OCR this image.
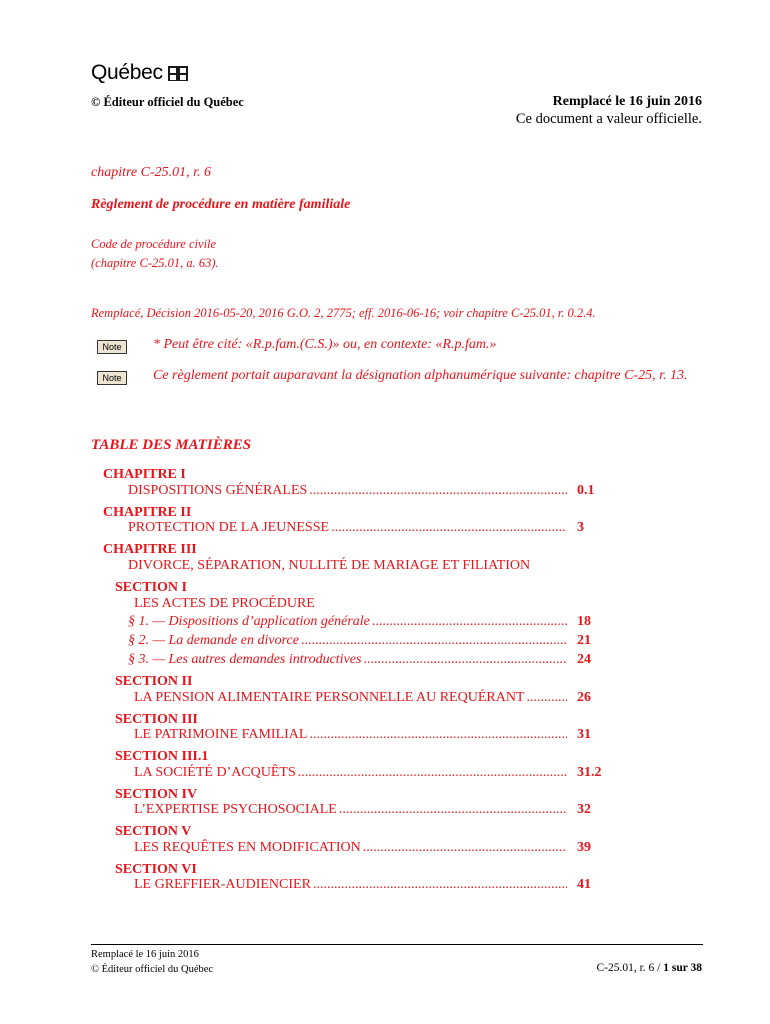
Québec
© Éditeur officiel du Québec	Remplacé le 16 juin 2016
Ce document a valeur officielle.
chapitre C-25.01, r. 6
Règlement de procédure en matière familiale
Code de procédure civile
(chapitre C-25.01, a. 63).
Remplacé, Décision 2016-05-20, 2016 G.O. 2, 2775; eff. 2016-06-16; voir chapitre C-25.01, r. 0.2.4.
Note	* Peut être cité: «R.p.fam.(C.S.)» ou, en contexte: «R.p.fam.»
Note	Ce règlement portait auparavant la désignation alphanumérique suivante: chapitre C-25, r. 13.
TABLE DES MATIÈRES
CHAPITRE I
DISPOSITIONS GÉNÉRALES .....	0.1
CHAPITRE II
PROTECTION DE LA JEUNESSE .....	3
CHAPITRE III
DIVORCE, SÉPARATION, NULLITÉ DE MARIAGE ET FILIATION
SECTION I
LES ACTES DE PROCÉDURE
§ 1. — Dispositions d’application générale .....	18
§ 2. — La demande en divorce .....	21
§ 3. — Les autres demandes introductives .....	24
SECTION II
LA PENSION ALIMENTAIRE PERSONNELLE AU REQUÉRANT .....	26
SECTION III
LE PATRIMOINE FAMILIAL .....	31
SECTION III.1
LA SOCIÉTÉ D’ACQUÊTS .....	31.2
SECTION IV
L’EXPERTISE PSYCHOSOCIALE .....	32
SECTION V
LES REQUÊTES EN MODIFICATION .....	39
SECTION VI
LE GREFFIER-AUDIENCIER .....	41
Remplacé le 16 juin 2016
© Éditeur officiel du Québec	C-25.01, r. 6 / 1 sur 38
